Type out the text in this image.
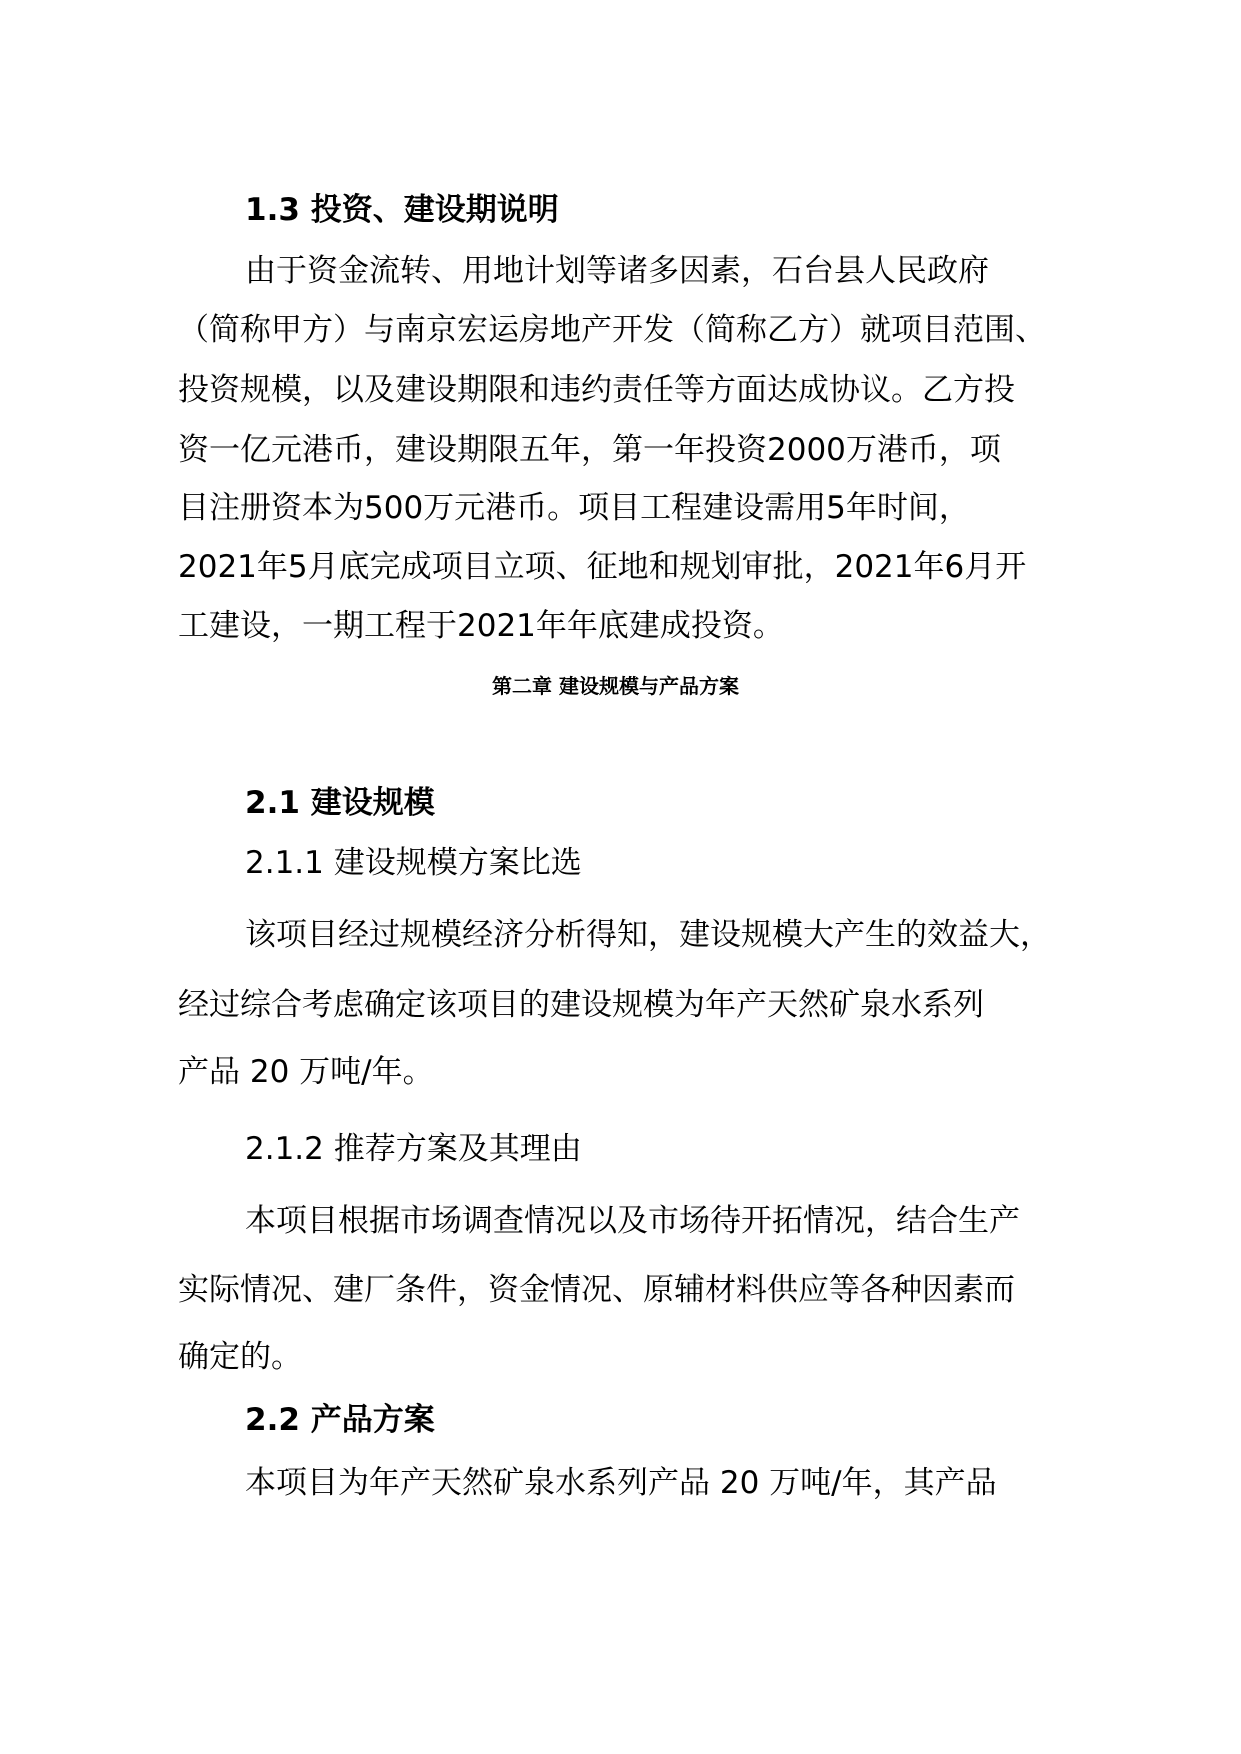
1.3 投资、建设期说明
由于资金流转、用地计划等诸多因素，石台县人民政府
（简称甲方）与南京宏运房地产开发（简称乙方）就项目范围、
投资规模，以及建设期限和违约责任等方面达成协议。乙方投
资一亿元港币，建设期限五年，第一年投资2000万港币，项
目注册资本为500万元港币。项目工程建设需用5年时间，
2021年5月底完成项目立项、征地和规划审批，2021年6月开
工建设，一期工程于2021年年底建成投资。
第二章 建设规模与产品方案
2.1 建设规模
2.1.1 建设规模方案比选
该项目经过规模经济分析得知，建设规模大产生的效益大，
经过综合考虑确定该项目的建设规模为年产天然矿泉水系列
产品 20 万吨/年。
2.1.2 推荐方案及其理由
本项目根据市场调查情况以及市场待开拓情况，结合生产
实际情况、建厂条件，资金情况、原辅材料供应等各种因素而
确定的。
2.2 产品方案
本项目为年产天然矿泉水系列产品 20 万吨/年，其产品
